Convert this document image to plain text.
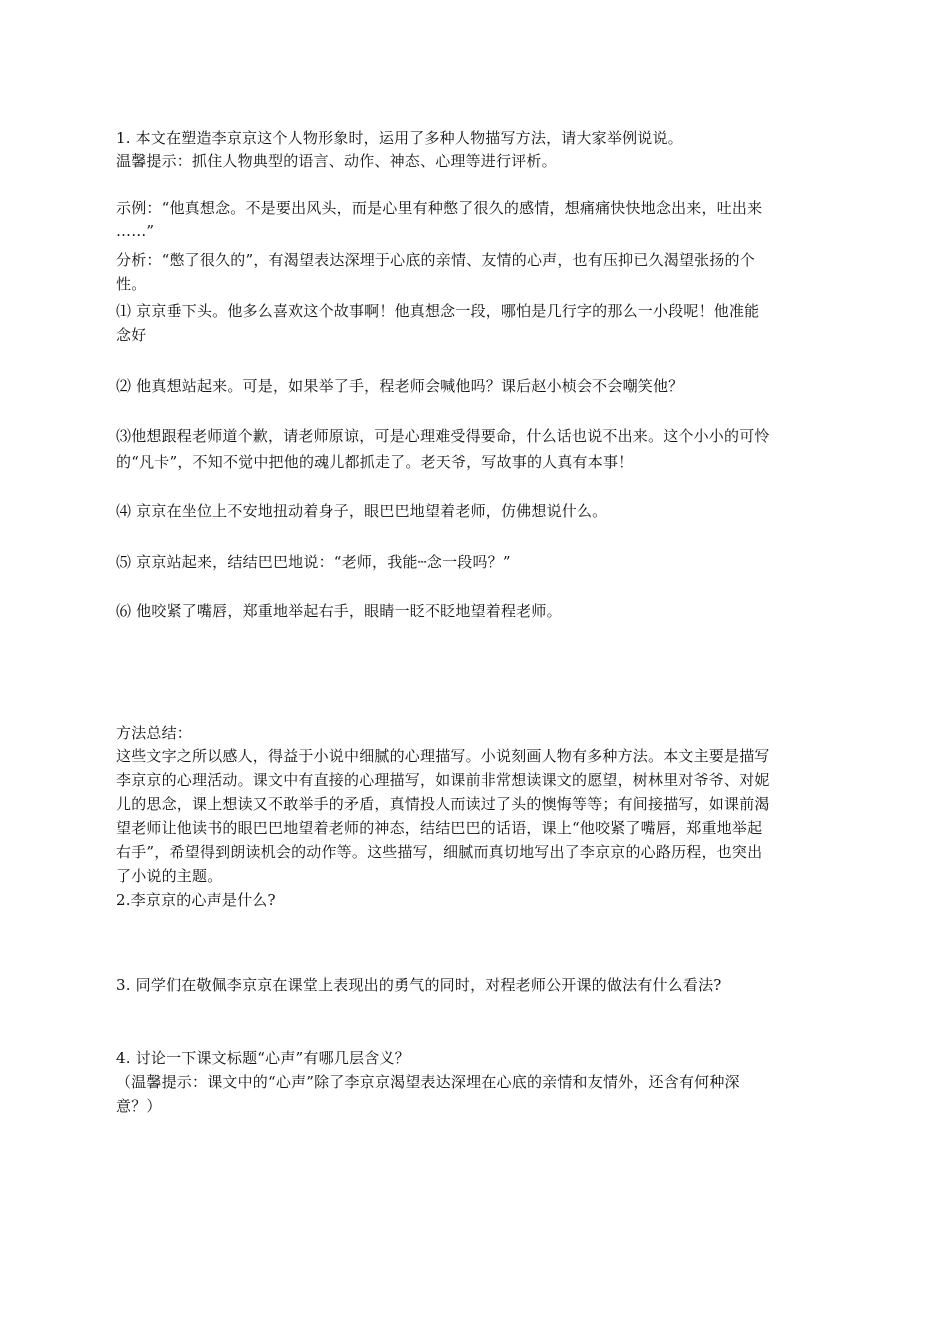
1. 本文在塑造李京京这个人物形象时，运用了多种人物描写方法，请大家举例说说。
温馨提示：抓住人物典型的语言、动作、神态、心理等进行评析。
示例：“他真想念。不是要出风头，而是心里有种憋了很久的感情，想痛痛快快地念出来，吐出来
……”
分析：“憋了很久的”，有渴望表达深埋于心底的亲情、友情的心声，也有压抑已久渴望张扬的个
性。
⑴ 京京垂下头。他多么喜欢这个故事啊！他真想念一段，哪怕是几行字的那么一小段呢！他准能
念好
⑵ 他真想站起来。可是，如果举了手，程老师会喊他吗？课后赵小桢会不会嘲笑他？
⑶他想跟程老师道个歉，请老师原谅，可是心理难受得要命，什么话也说不出来。这个小小的可怜
的“凡卡”，不知不觉中把他的魂儿都抓走了。老天爷，写故事的人真有本事！
⑷ 京京在坐位上不安地扭动着身子，眼巴巴地望着老师，仿佛想说什么。
⑸ 京京站起来，结结巴巴地说：“老师，我能┄念一段吗？”
⑹ 他咬紧了嘴唇，郑重地举起右手，眼睛一眨不眨地望着程老师。
方法总结：
这些文字之所以感人，得益于小说中细腻的心理描写。小说刻画人物有多种方法。本文主要是描写
李京京的心理活动。课文中有直接的心理描写，如课前非常想读课文的愿望，树林里对爷爷、对妮
儿的思念，课上想读又不敢举手的矛盾，真情投人而读过了头的懊悔等等；有间接描写，如课前渴
望老师让他读书的眼巴巴地望着老师的神态，结结巴巴的话语，课上“他咬紧了嘴唇，郑重地举起
右手”，希望得到朗读机会的动作等。这些描写，细腻而真切地写出了李京京的心路历程，也突出
了小说的主题。
2.李京京的心声是什么?
3. 同学们在敬佩李京京在课堂上表现出的勇气的同时，对程老师公开课的做法有什么看法?
4. 讨论一下课文标题“心声”有哪几层含义？
（温馨提示：课文中的“心声”除了李京京渴望表达深埋在心底的亲情和友情外，还含有何种深
意？）
